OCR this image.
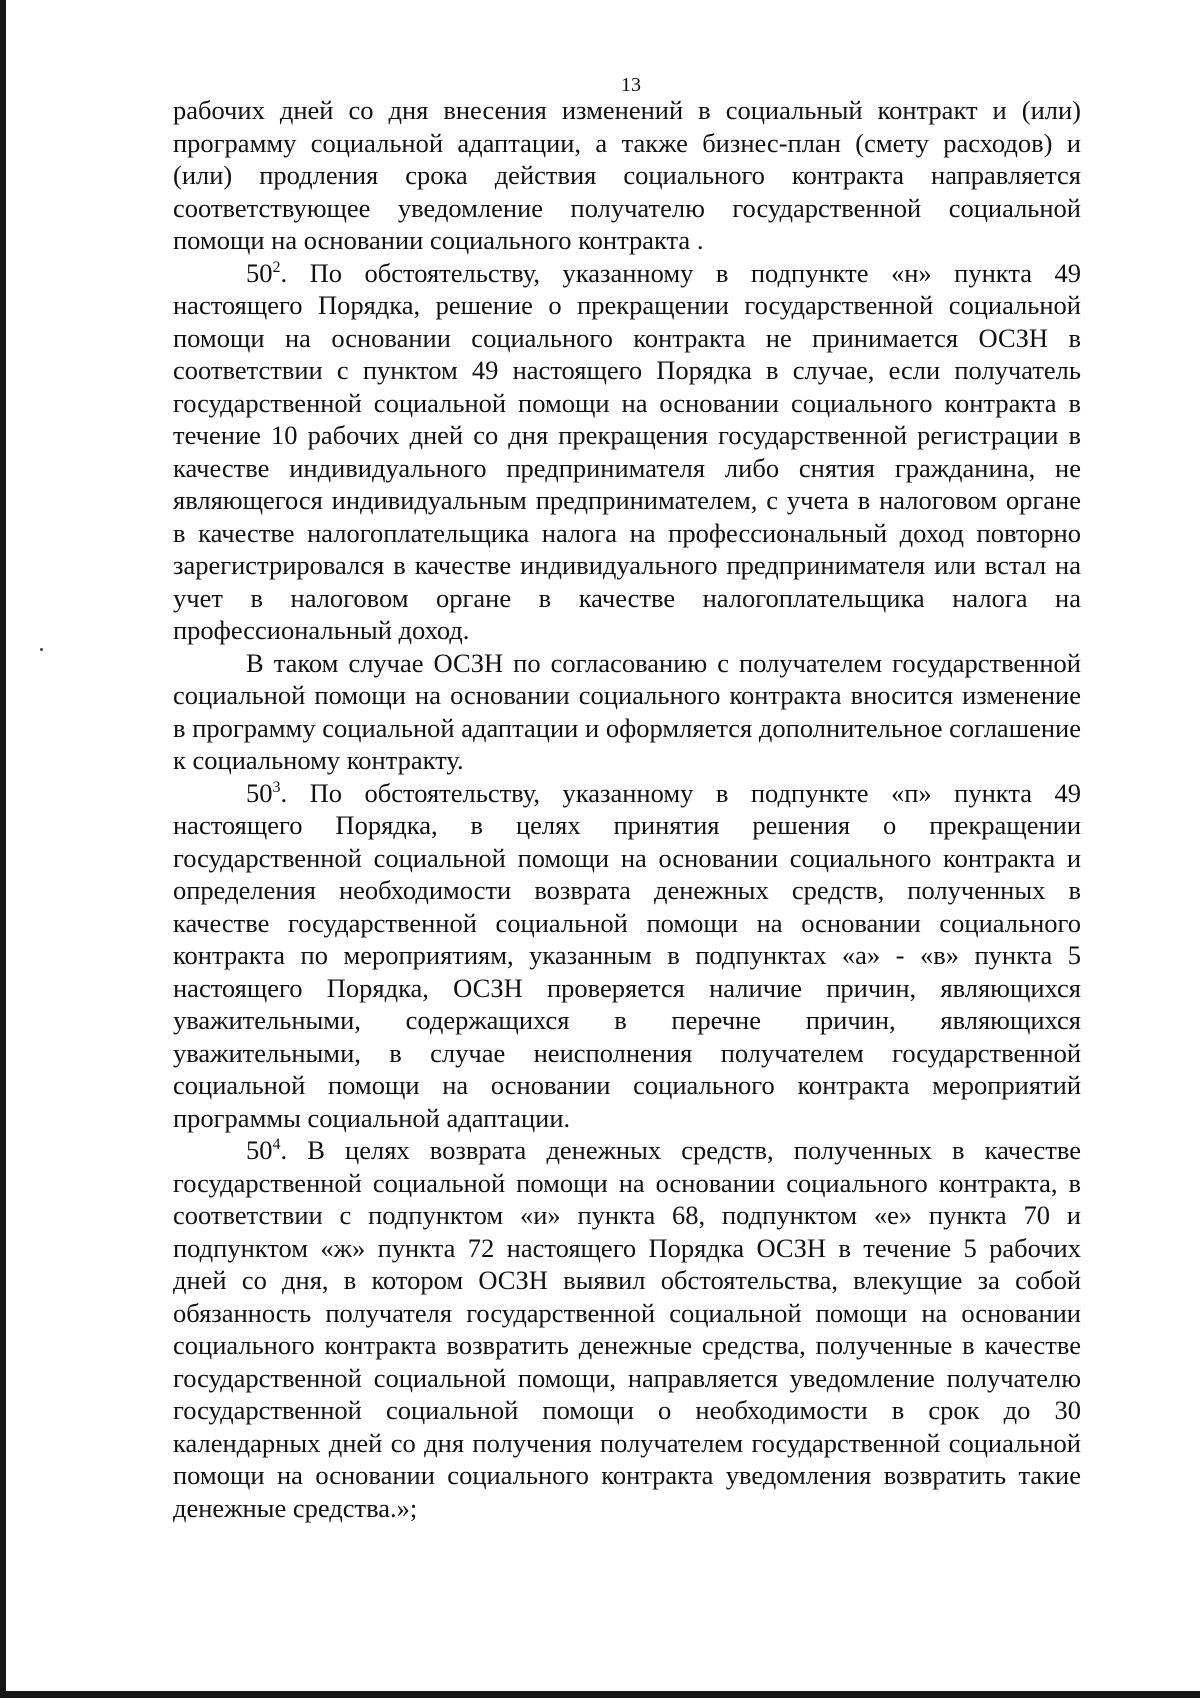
13

рабочих дней со дня внесения изменений в социальный контракт и (или) программу социальной адаптации, а также бизнес-план (смету расходов) и (или) продления срока действия социального контракта направляется соответствующее уведомление получателю государственной социальной помощи на основании социального контракта .

$50^2$. По обстоятельству, указанному в подпункте «н» пункта 49 настоящего Порядка, решение о прекращении государственной социальной помощи на основании социального контракта не принимается ОСЗН в соответствии с пунктом 49 настоящего Порядка в случае, если получатель государственной социальной помощи на основании социального контракта в течение 10 рабочих дней со дня прекращения государственной регистрации в качестве индивидуального предпринимателя либо снятия гражданина, не являющегося индивидуальным предпринимателем, с учета в налоговом органе в качестве налогоплательщика налога на профессиональный доход повторно зарегистрировался в качестве индивидуального предпринимателя или встал на учет в налоговом органе в качестве налогоплательщика налога на профессиональный доход.

В таком случае ОСЗН по согласованию с получателем государственной социальной помощи на основании социального контракта вносится изменение в программу социальной адаптации и оформляется дополнительное соглашение к социальному контракту.

$50^3$. По обстоятельству, указанному в подпункте «п» пункта 49 настоящего Порядка, в целях принятия решения о прекращении государственной социальной помощи на основании социального контракта и определения необходимости возврата денежных средств, полученных в качестве государственной социальной помощи на основании социального контракта по мероприятиям, указанным в подпунктах «а» - «в» пункта 5 настоящего Порядка, ОСЗН проверяется наличие причин, являющихся уважительными, содержащихся в перечне причин, являющихся уважительными, в случае неисполнения получателем государственной социальной помощи на основании социального контракта мероприятий программы социальной адаптации.

$50^4$. В целях возврата денежных средств, полученных в качестве государственной социальной помощи на основании социального контракта, в соответствии с подпунктом «и» пункта 68, подпунктом «е» пункта 70 и подпунктом «ж» пункта 72 настоящего Порядка ОСЗН в течение 5 рабочих дней со дня, в котором ОСЗН выявил обстоятельства, влекущие за собой обязанность получателя государственной социальной помощи на основании социального контракта возвратить денежные средства, полученные в качестве государственной социальной помощи, направляется уведомление получателю государственной социальной помощи о необходимости в срок до 30 календарных дней со дня получения получателем государственной социальной помощи на основании социального контракта уведомления возвратить такие денежные средства.»;
